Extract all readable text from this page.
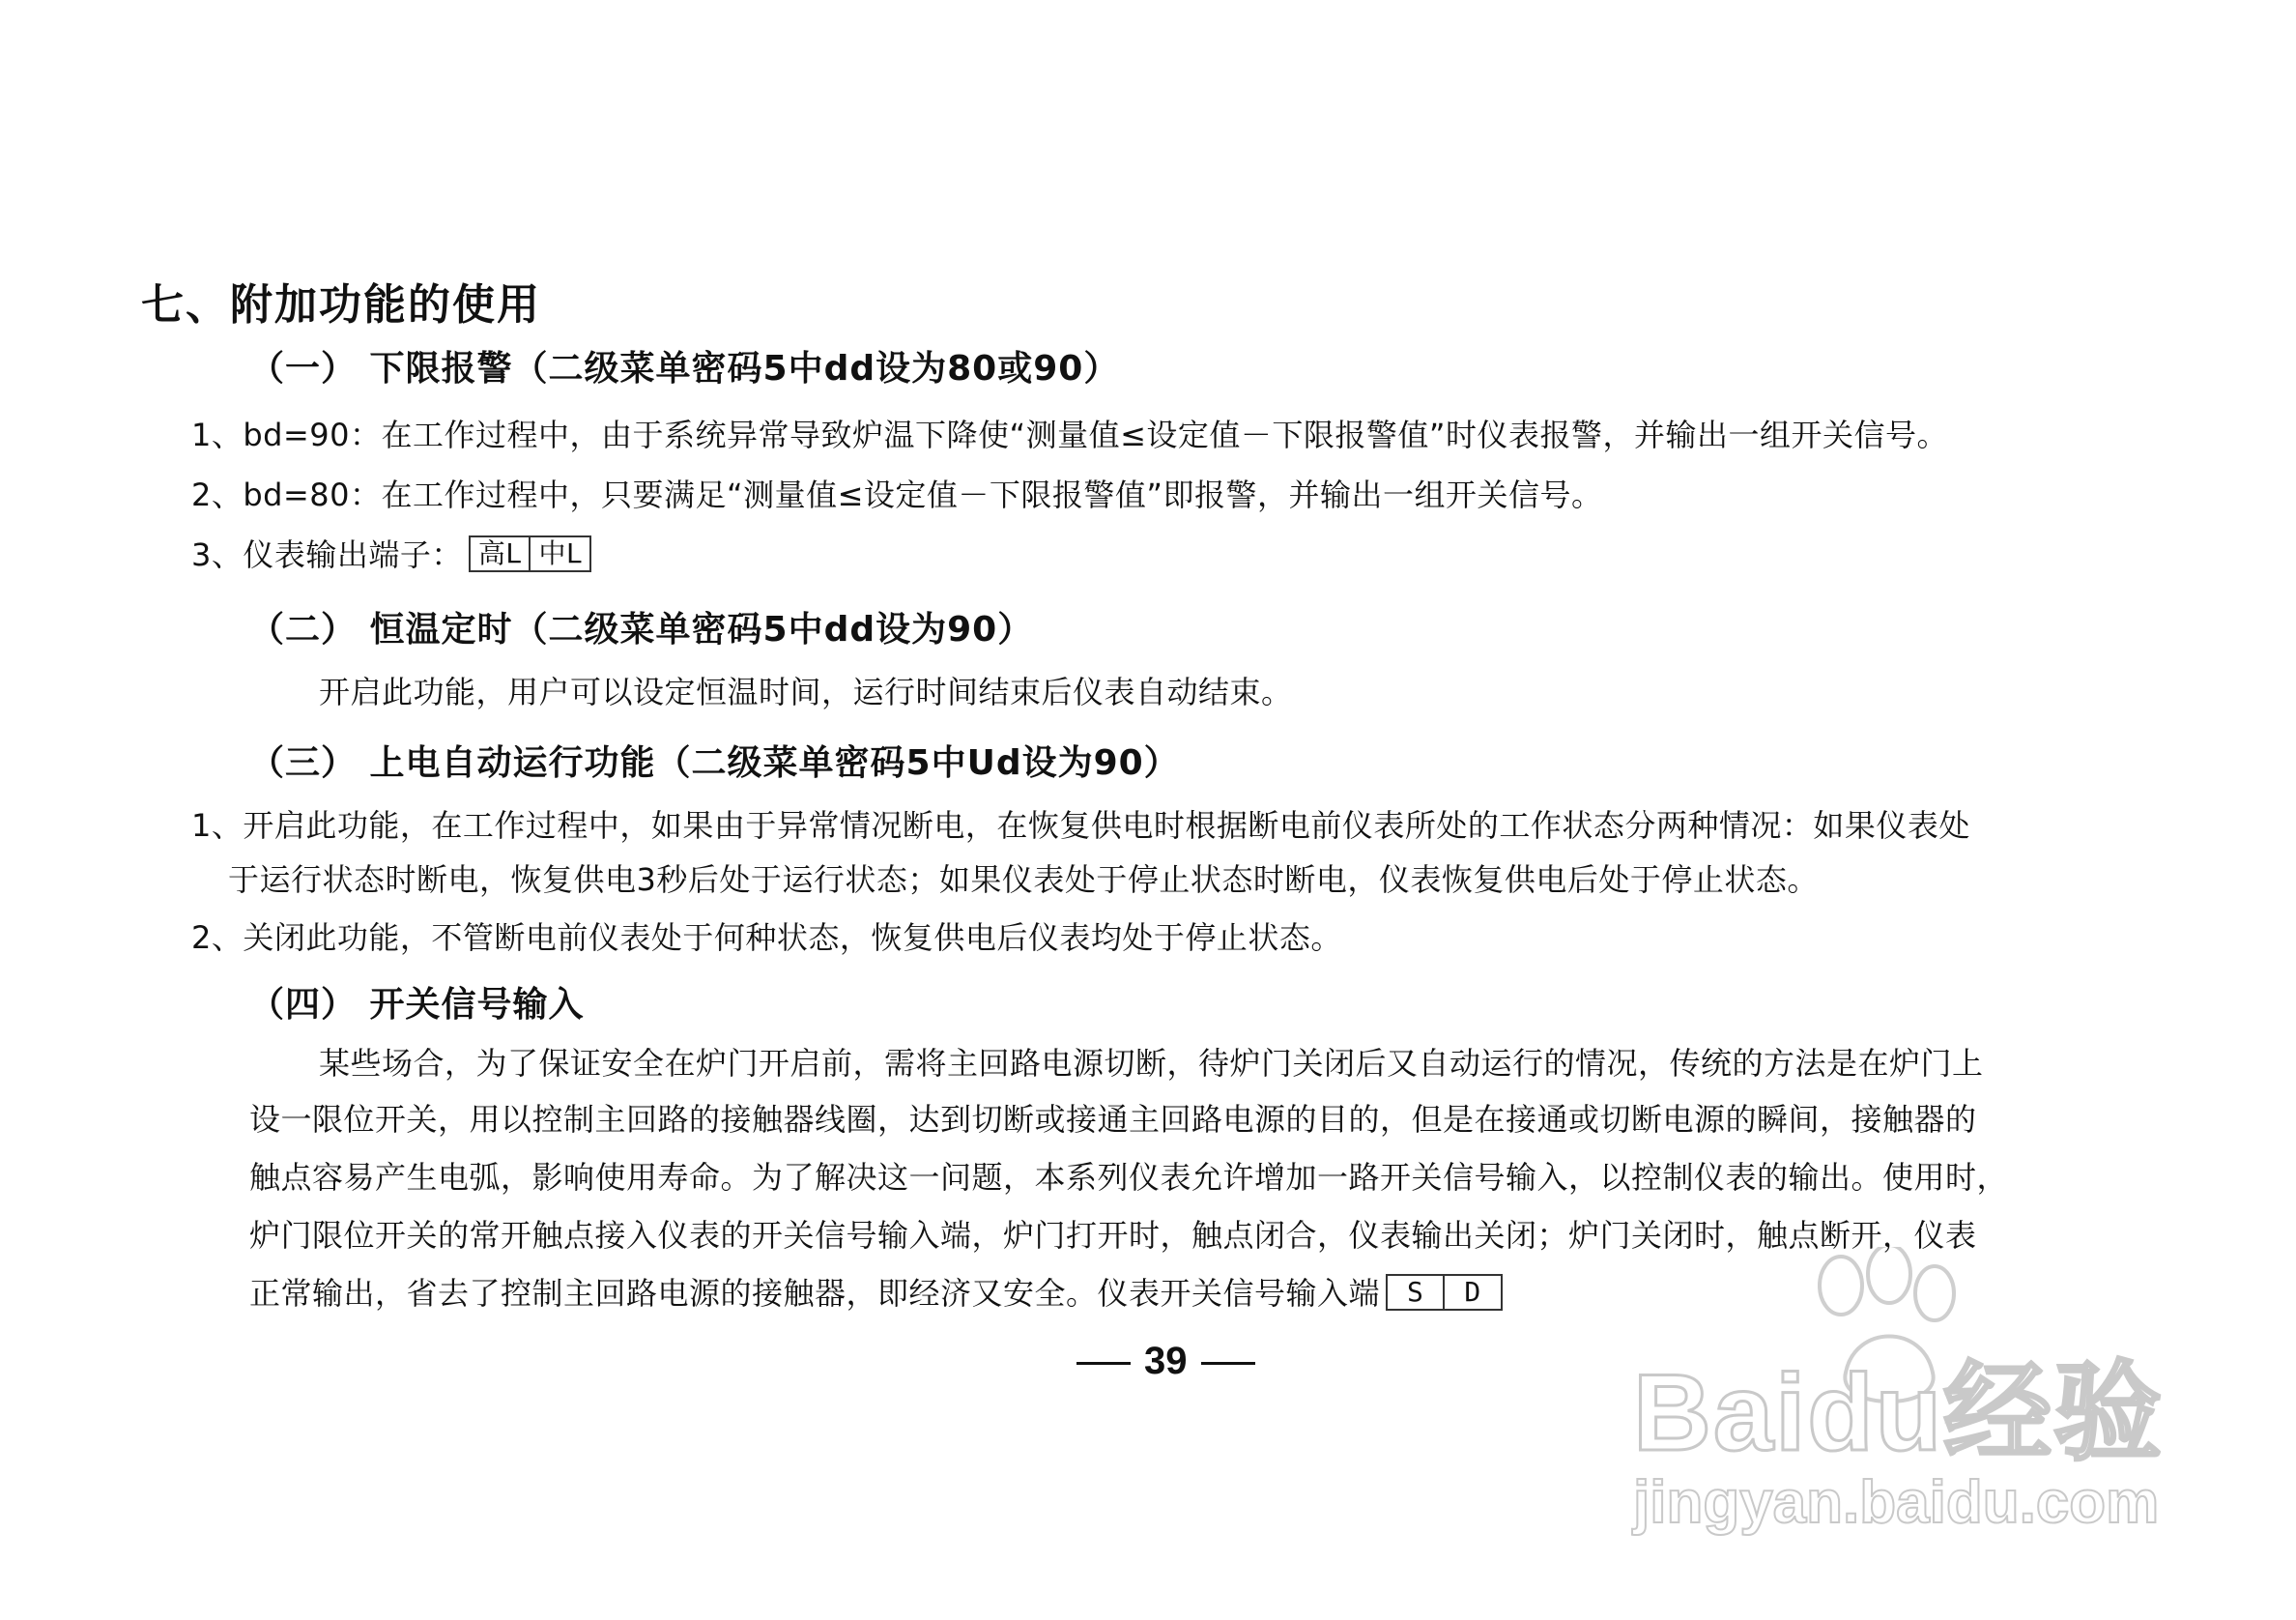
七、附加功能的使用
（一） 下限报警（二级菜单密码5中dd设为80或90）
1、bd=90：在工作过程中，由于系统异常导致炉温下降使“测量值≤设定值－下限报警值”时仪表报警，并输出一组开关信号。
2、bd=80：在工作过程中，只要满足“测量值≤设定值－下限报警值”即报警，并输出一组开关信号。
3、仪表输出端子： 高L 中L
（二） 恒温定时（二级菜单密码5中dd设为90）
开启此功能，用户可以设定恒温时间，运行时间结束后仪表自动结束。
（三） 上电自动运行功能（二级菜单密码5中Ud设为90）
1、开启此功能，在工作过程中，如果由于异常情况断电，在恢复供电时根据断电前仪表所处的工作状态分两种情况：如果仪表处
于运行状态时断电，恢复供电3秒后处于运行状态；如果仪表处于停止状态时断电，仪表恢复供电后处于停止状态。
2、关闭此功能，不管断电前仪表处于何种状态，恢复供电后仪表均处于停止状态。
（四） 开关信号输入
某些场合，为了保证安全在炉门开启前，需将主回路电源切断，待炉门关闭后又自动运行的情况，传统的方法是在炉门上
设一限位开关，用以控制主回路的接触器线圈，达到切断或接通主回路电源的目的，但是在接通或切断电源的瞬间，接触器的
触点容易产生电弧，影响使用寿命。为了解决这一问题，本系列仪表允许增加一路开关信号输入，以控制仪表的输出。使用时，
炉门限位开关的常开触点接入仪表的开关信号输入端，炉门打开时，触点闭合，仪表输出关闭；炉门关闭时，触点断开，仪表
正常输出，省去了控制主回路电源的接触器，即经济又安全。仪表开关信号输入端	S	D
39	Baidu经验
jingyan.baidu.com
